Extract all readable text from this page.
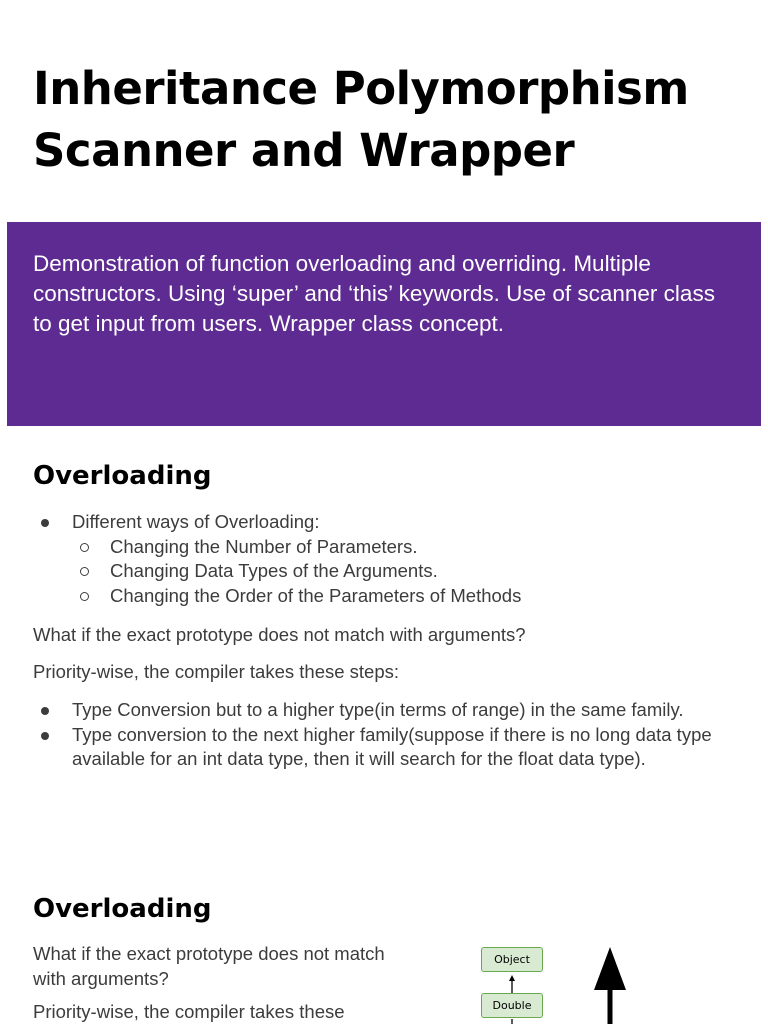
Inheritance Polymorphism
Scanner and Wrapper

Demonstration of function overloading and overriding. Multiple constructors. Using ‘super’ and ‘this’ keywords. Use of scanner class to get input from users. Wrapper class concept.

Overloading
Different ways of Overloading:
Changing the Number of Parameters.
Changing Data Types of the Arguments.
Changing the Order of the Parameters of Methods

What if the exact prototype does not match with arguments?

Priority-wise, the compiler takes these steps:

Type Conversion but to a higher type(in terms of range) in the same family.
Type conversion to the next higher family(suppose if there is no long data type available for an int data type, then it will search for the float data type).
Overloading

What if the exact prototype does not match with arguments?

Priority-wise, the compiler takes these

Object
Double
